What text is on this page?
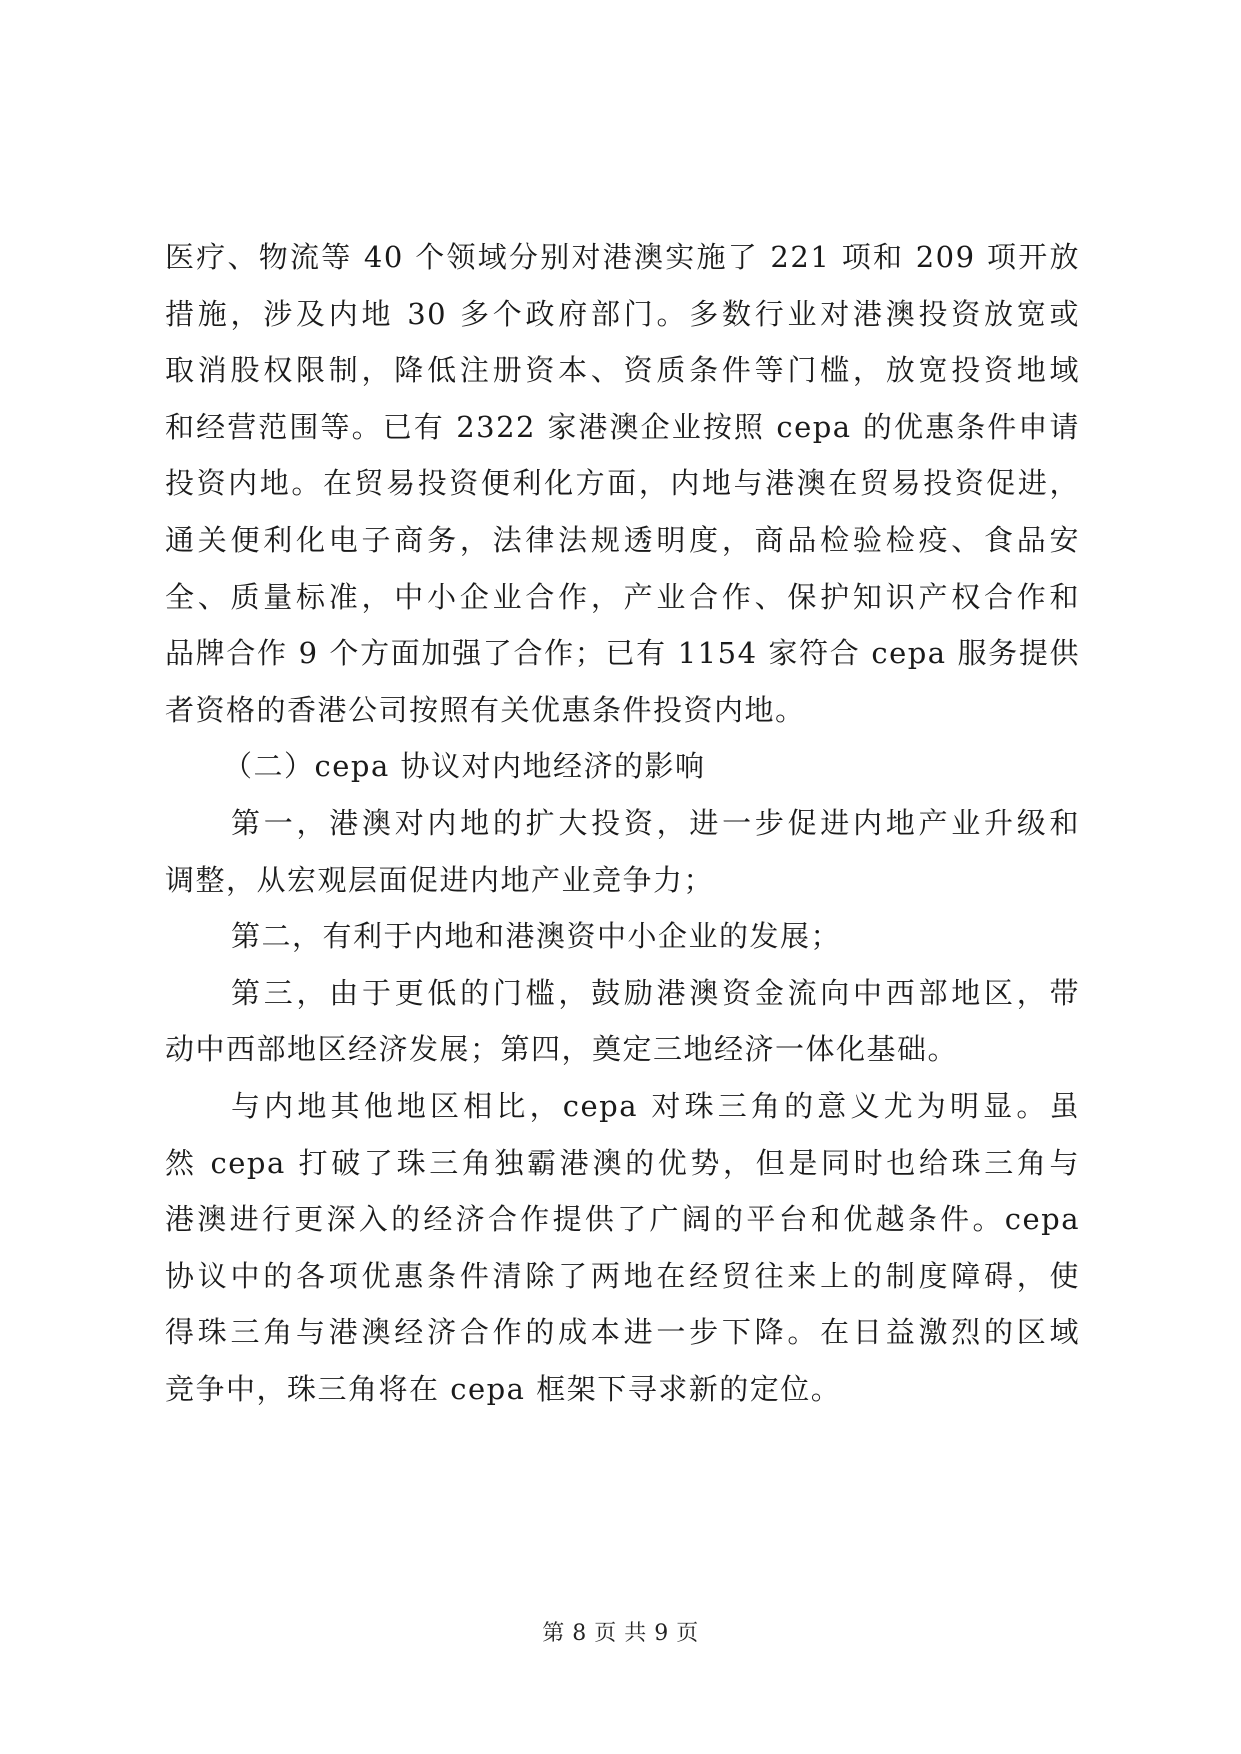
医疗、物流等 40 个领域分别对港澳实施了 221 项和 209 项开放
措施，涉及内地 30 多个政府部门。多数行业对港澳投资放宽或
取消股权限制，降低注册资本、资质条件等门槛，放宽投资地域
和经营范围等。已有 2322 家港澳企业按照 cepa 的优惠条件申请
投资内地。在贸易投资便利化方面，内地与港澳在贸易投资促进，
通关便利化电子商务，法律法规透明度，商品检验检疫、食品安
全、质量标准，中小企业合作，产业合作、保护知识产权合作和
品牌合作 9 个方面加强了合作；已有 1154 家符合 cepa 服务提供
者资格的香港公司按照有关优惠条件投资内地。
（二）cepa 协议对内地经济的影响
第一，港澳对内地的扩大投资，进一步促进内地产业升级和
调整，从宏观层面促进内地产业竞争力；
第二，有利于内地和港澳资中小企业的发展；
第三，由于更低的门槛，鼓励港澳资金流向中西部地区，带
动中西部地区经济发展；第四，奠定三地经济一体化基础。
与内地其他地区相比，cepa 对珠三角的意义尤为明显。虽
然 cepa 打破了珠三角独霸港澳的优势，但是同时也给珠三角与
港澳进行更深入的经济合作提供了广阔的平台和优越条件。cepa
协议中的各项优惠条件清除了两地在经贸往来上的制度障碍，使
得珠三角与港澳经济合作的成本进一步下降。在日益激烈的区域
竞争中，珠三角将在 cepa 框架下寻求新的定位。
第 8 页 共 9 页
